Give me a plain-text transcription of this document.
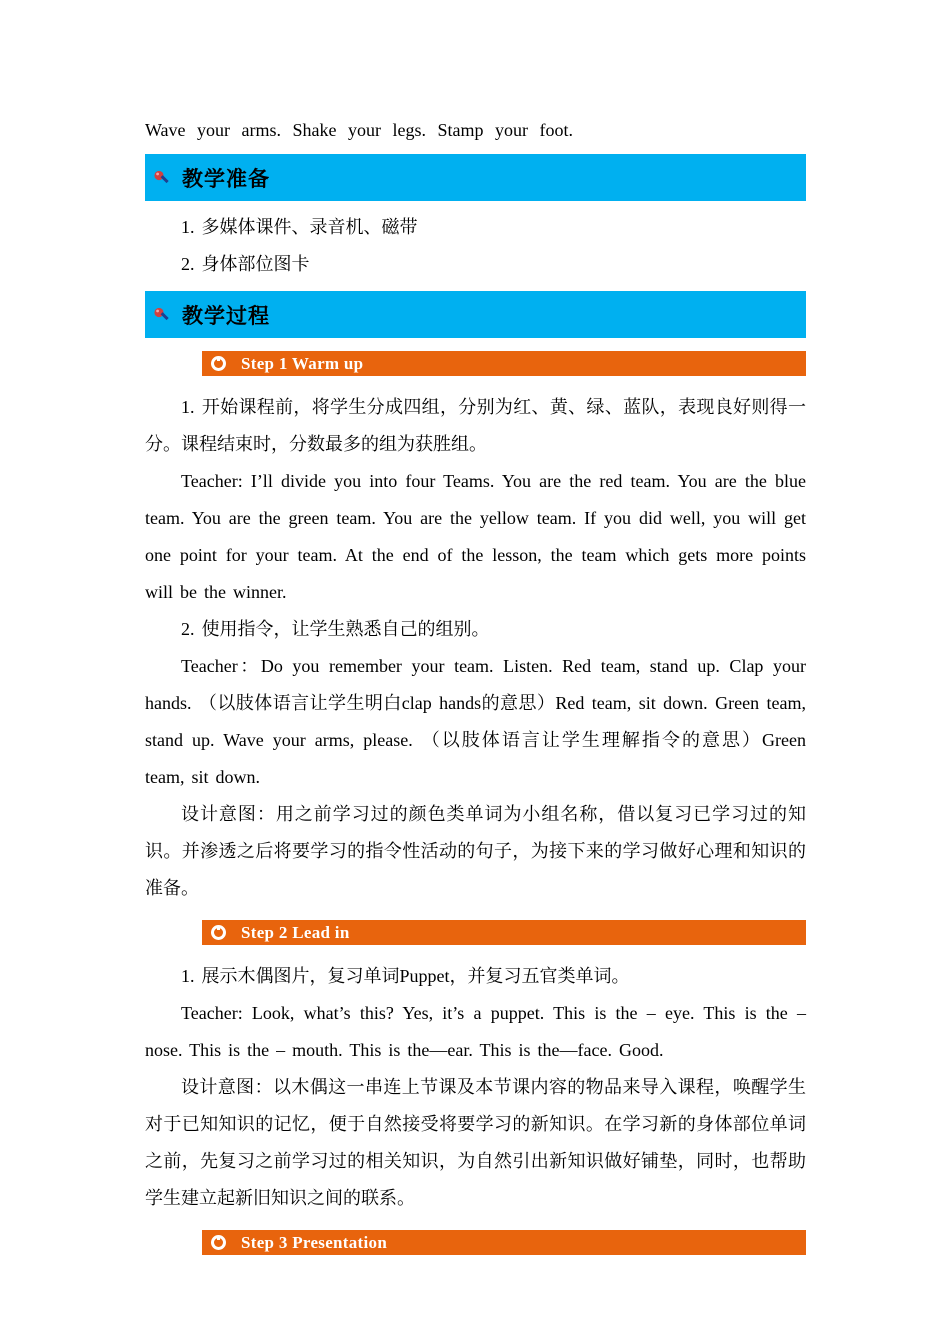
Wave your arms. Shake your legs. Stamp your foot.

教学准备

1. 多媒体课件、录音机、磁带

2. 身体部位图卡

教学过程
Step 1 Warm up

1. 开始课程前，将学生分成四组，分别为红、黄、绿、蓝队，表现良好则得一分。课程结束时，分数最多的组为获胜组。

Teacher: I’ll divide you into four Teams. You are the red team. You are the blue team. You are the green team. You are the yellow team. If you did well, you will get one point for your team. At the end of the lesson, the team which gets more points will be the winner.

2. 使用指令，让学生熟悉自己的组别。

Teacher：Do you remember your team. Listen. Red team, stand up. Clap your hands. （以肢体语言让学生明白clap hands的意思）Red team, sit down. Green team, stand up. Wave your arms, please. （以肢体语言让学生理解指令的意思）Green team, sit down.

设计意图：用之前学习过的颜色类单词为小组名称，借以复习已学习过的知识。并渗透之后将要学习的指令性活动的句子，为接下来的学习做好心理和知识的准备。

Step 2 Lead in

1. 展示木偶图片，复习单词Puppet，并复习五官类单词。

Teacher: Look, what’s this? Yes, it’s a puppet. This is the – eye. This is the – nose. This is the – mouth. This is the—ear. This is the—face. Good.

设计意图：以木偶这一串连上节课及本节课内容的物品来导入课程，唤醒学生对于已知知识的记忆，便于自然接受将要学习的新知识。在学习新的身体部位单词之前，先复习之前学习过的相关知识，为自然引出新知识做好铺垫，同时，也帮助学生建立起新旧知识之间的联系。

Step 3 Presentation
